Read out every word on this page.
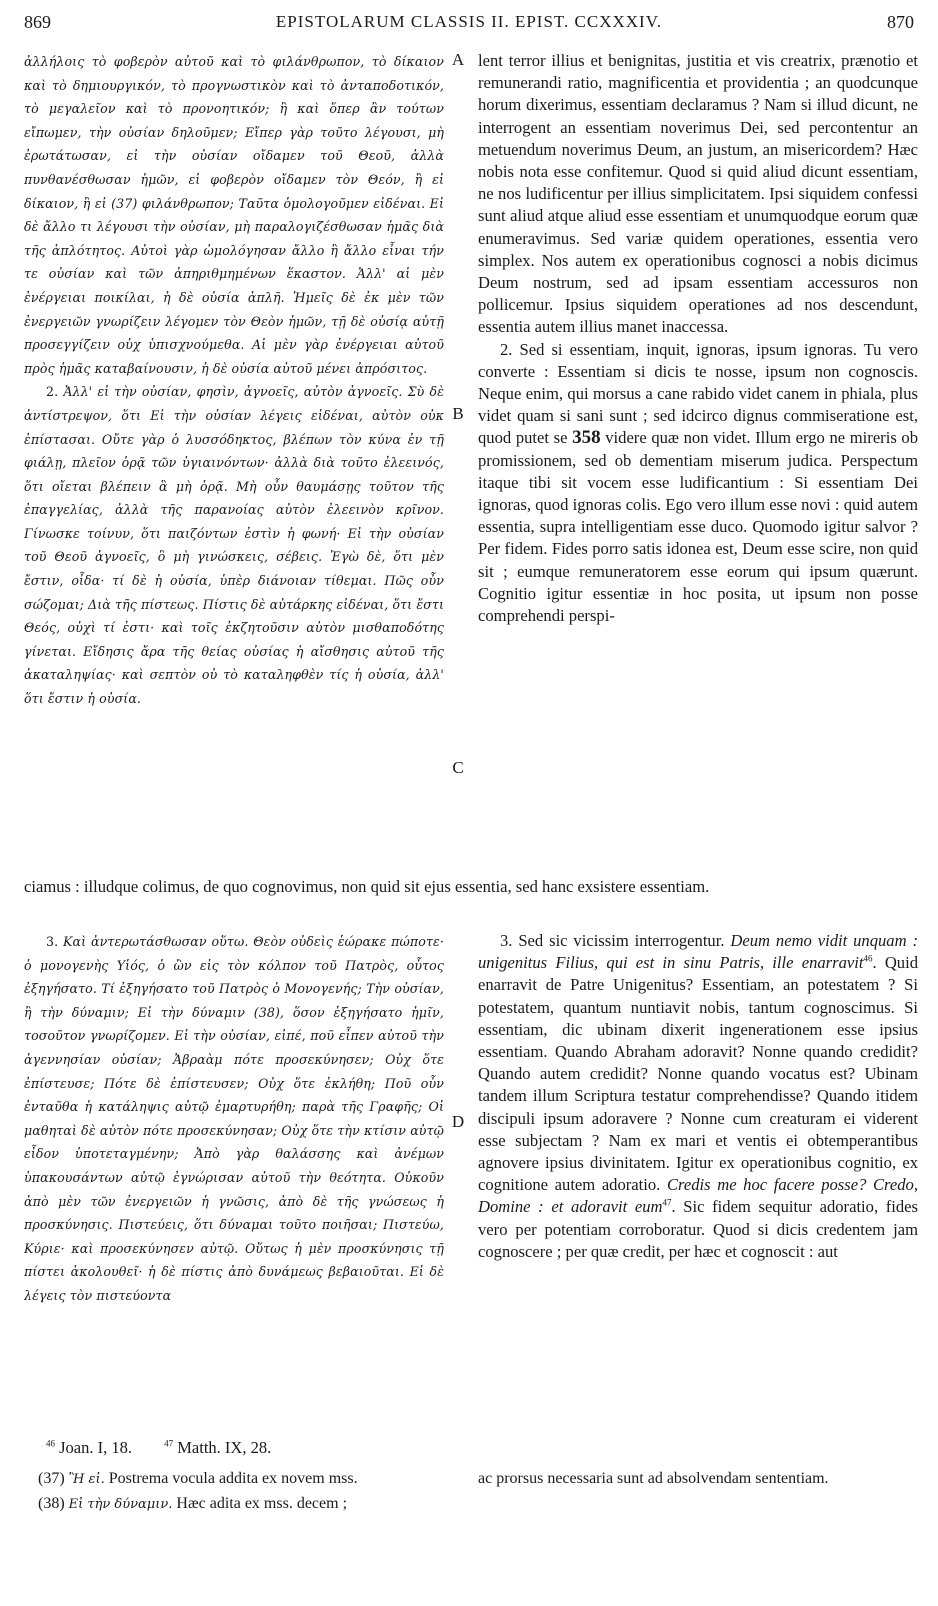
869	EPISTOLARUM CLASSIS II. EPIST. CCXXXIV.	870

ἀλλήλοις τὸ φοβερὸν αὐτοῦ καὶ τὸ φιλάνθρωπον, τὸ δίκαιον καὶ τὸ δημιουργικόν, τὸ προγνωστικὸν καὶ τὸ ἀνταποδοτικόν, τὸ μεγαλεῖον καὶ τὸ προνοητικόν; ἢ καὶ ὅπερ ἂν τούτων εἴπωμεν, τὴν οὐσίαν δηλοῦμεν; Εἴπερ γὰρ τοῦτο λέγουσι, μὴ ἐρωτάτωσαν, εἰ τὴν οὐσίαν οἴδαμεν τοῦ Θεοῦ, ἀλλὰ πυνθανέσθωσαν ἡμῶν, εἰ φοβερὸν οἴδαμεν τὸν Θεόν, ἢ εἰ δίκαιον, ἢ εἰ (37) φιλάνθρωπον; Ταῦτα ὁμολογοῦμεν εἰδέναι. Εἰ δὲ ἄλλο τι λέγουσι τὴν οὐσίαν, μὴ παραλογιζέσθωσαν ἡμᾶς διὰ τῆς ἁπλότητος. Αὐτοὶ γὰρ ὡμολόγησαν ἄλλο ἢ ἄλλο εἶναι τήν τε οὐσίαν καὶ τῶν ἀπηριθμημένων ἕκαστον. Ἀλλ' αἱ μὲν ἐνέργειαι ποικίλαι, ἡ δὲ οὐσία ἁπλῆ. Ἡμεῖς δὲ ἐκ μὲν τῶν ἐνεργειῶν γνωρίζειν λέγομεν τὸν Θεὸν ἡμῶν, τῇ δὲ οὐσίᾳ αὐτῇ προσεγγίζειν οὐχ ὑπισχνούμεθα. Αἱ μὲν γὰρ ἐνέργειαι αὐτοῦ πρὸς ἡμᾶς καταβαίνουσιν, ἡ δὲ οὐσία αὐτοῦ μένει ἀπρόσιτος.

2. Ἀλλ' εἰ τὴν οὐσίαν, φησὶν, ἀγνοεῖς, αὐτὸν ἀγνοεῖς. Σὺ δὲ ἀντίστρεψον, ὅτι Εἰ τὴν οὐσίαν λέγεις εἰδέναι, αὐτὸν οὐκ ἐπίστασαι. Οὔτε γὰρ ὁ λυσσόδηκτος, βλέπων τὸν κύνα ἐν τῇ φιάλῃ, πλεῖον ὁρᾷ τῶν ὑγιαινόντων· ἀλλὰ διὰ τοῦτο ἐλεεινός, ὅτι οἴεται βλέπειν ἃ μὴ ὁρᾷ. Μὴ οὖν θαυμάσῃς τοῦτον τῆς ἐπαγγελίας, ἀλλὰ τῆς παρανοίας αὐτὸν ἐλεεινὸν κρῖνον. Γίνωσκε τοίνυν, ὅτι παιζόντων ἐστὶν ἡ φωνή· Εἰ τὴν οὐσίαν τοῦ Θεοῦ ἀγνοεῖς, ὃ μὴ γινώσκεις, σέβεις. Ἐγὼ δὲ, ὅτι μὲν ἔστιν, οἶδα· τί δὲ ἡ οὐσία, ὑπὲρ διάνοιαν τίθεμαι. Πῶς οὖν σώζομαι; Διὰ τῆς πίστεως. Πίστις δὲ αὐτάρκης εἰδέναι, ὅτι ἔστι Θεός, οὐχὶ τί ἐστι· καὶ τοῖς ἐκζητοῦσιν αὐτὸν μισθαποδότης γίνεται. Εἴδησις ἄρα τῆς θείας οὐσίας ἡ αἴσθησις αὐτοῦ τῆς ἀκαταληψίας· καὶ σεπτὸν οὐ τὸ καταληφθὲν τίς ἡ οὐσία, ἀλλ' ὅτι ἔστιν ἡ οὐσία.

lent terror illius et benignitas, justitia et vis creatrix, prænotio et remunerandi ratio, magnificentia et providentia ; an quodcunque horum dixerimus, essentiam declaramus ? Nam si illud dicunt, ne interrogent an essentiam noverimus Dei, sed percontentur an metuendum noverimus Deum, an justum, an misericordem? Hæc nobis nota esse confitemur. Quod si quid aliud dicunt essentiam, ne nos ludificentur per illius simplicitatem. Ipsi siquidem confessi sunt aliud atque aliud esse essentiam et unumquodque eorum quæ enumeravimus. Sed variæ quidem operationes, essentia vero simplex. Nos autem ex operationibus cognosci a nobis dicimus Deum nostrum, sed ad ipsam essentiam accessuros non pollicemur. Ipsius siquidem operationes ad nos descendunt, essentia autem illius manet inaccessa.

2. Sed si essentiam, inquit, ignoras, ipsum ignoras. Tu vero converte : Essentiam si dicis te nosse, ipsum non cognoscis. Neque enim, qui morsus a cane rabido videt canem in phiala, plus videt quam si sani sunt ; sed idcirco dignus commiseratione est, quod putet se 358 videre quæ non videt. Illum ergo ne mireris ob promissionem, sed ob dementiam miserum judica. Perspectum itaque tibi sit vocem esse ludificantium : Si essentiam Dei ignoras, quod ignoras colis. Ego vero illum esse novi : quid autem essentia, supra intelligentiam esse duco. Quomodo igitur salvor ? Per fidem. Fides porro satis idonea est, Deum esse scire, non quid sit ; eumque remuneratorem esse eorum qui ipsum quærunt. Cognitio igitur essentiæ in hoc posita, ut ipsum non posse comprehendi perspi-

ciamus : illudque colimus, de quo cognovimus, non quid sit ejus essentia, sed hanc exsistere essentiam.

3. Καὶ ἀντερωτάσθωσαν οὕτω. Θεὸν οὐδεὶς ἑώρακε πώποτε· ὁ μονογενὴς Υἱός, ὁ ὢν εἰς τὸν κόλπον τοῦ Πατρὸς, οὗτος ἐξηγήσατο. Τί ἐξηγήσατο τοῦ Πατρὸς ὁ Μονογενής; Τὴν οὐσίαν, ἢ τὴν δύναμιν; Εἰ τὴν δύναμιν (38), ὅσον ἐξηγήσατο ἡμῖν, τοσοῦτον γνωρίζομεν. Εἰ τὴν οὐσίαν, εἰπέ, ποῦ εἶπεν αὐτοῦ τὴν ἀγεννησίαν οὐσίαν; Ἀβραὰμ πότε προσεκύνησεν; Οὐχ ὅτε ἐπίστευσε; Πότε δὲ ἐπίστευσεν; Οὐχ ὅτε ἐκλήθη; Ποῦ οὖν ἐνταῦθα ἡ κατάληψις αὐτῷ ἐμαρτυρήθη; παρὰ τῆς Γραφῆς; Οἱ μαθηταὶ δὲ αὐτὸν πότε προσεκύνησαν; Οὐχ ὅτε τὴν κτίσιν αὐτῷ εἶδον ὑποτεταγμένην; Ἀπὸ γὰρ θαλάσσης καὶ ἀνέμων ὑπακουσάντων αὐτῷ ἐγνώρισαν αὐτοῦ τὴν θεότητα. Οὐκοῦν ἀπὸ μὲν τῶν ἐνεργειῶν ἡ γνῶσις, ἀπὸ δὲ τῆς γνώσεως ἡ προσκύνησις. Πιστεύεις, ὅτι δύναμαι τοῦτο ποιῆσαι; Πιστεύω, Κύριε· καὶ προσεκύνησεν αὐτῷ. Οὕτως ἡ μὲν προσκύνησις τῇ πίστει ἀκολουθεῖ· ἡ δὲ πίστις ἀπὸ δυνάμεως βεβαιοῦται. Εἰ δὲ λέγεις τὸν πιστεύοντα

3. Sed sic vicissim interrogentur. Deum nemo vidit unquam : unigenitus Filius, qui est in sinu Patris, ille enarravit$^{46}$. Quid enarravit de Patre Unigenitus? Essentiam, an potestatem ? Si potestatem, quantum nuntiavit nobis, tantum cognoscimus. Si essentiam, dic ubinam dixerit ingenerationem esse ipsius essentiam. Quando Abraham adoravit? Nonne quando credidit? Quando autem credidit? Nonne quando vocatus est? Ubinam tandem illum Scriptura testatur comprehendisse? Quando itidem discipuli ipsum adoravere ? Nonne cum creaturam ei viderent esse subjectam ? Nam ex mari et ventis ei obtemperantibus agnovere ipsius divinitatem. Igitur ex operationibus cognitio, ex cognitione autem adoratio. Credis me hoc facere posse? Credo, Domine : et adoravit eum$^{47}$. Sic fidem sequitur adoratio, fides vero per potentiam corroboratur. Quod si dicis credentem jam cognoscere ; per quæ credit, per hæc et cognoscit : aut

A
B
C
D
$^{46}$ Joan. I, 18.	$^{47}$ Matth. IX, 28.

(37) Ἢ εἰ. Postrema vocula addita ex novem mss.

(38) Εἰ τὴν δύναμιν. Hæc adita ex mss. decem ;

ac prorsus necessaria sunt ad absolvendam sententiam.
